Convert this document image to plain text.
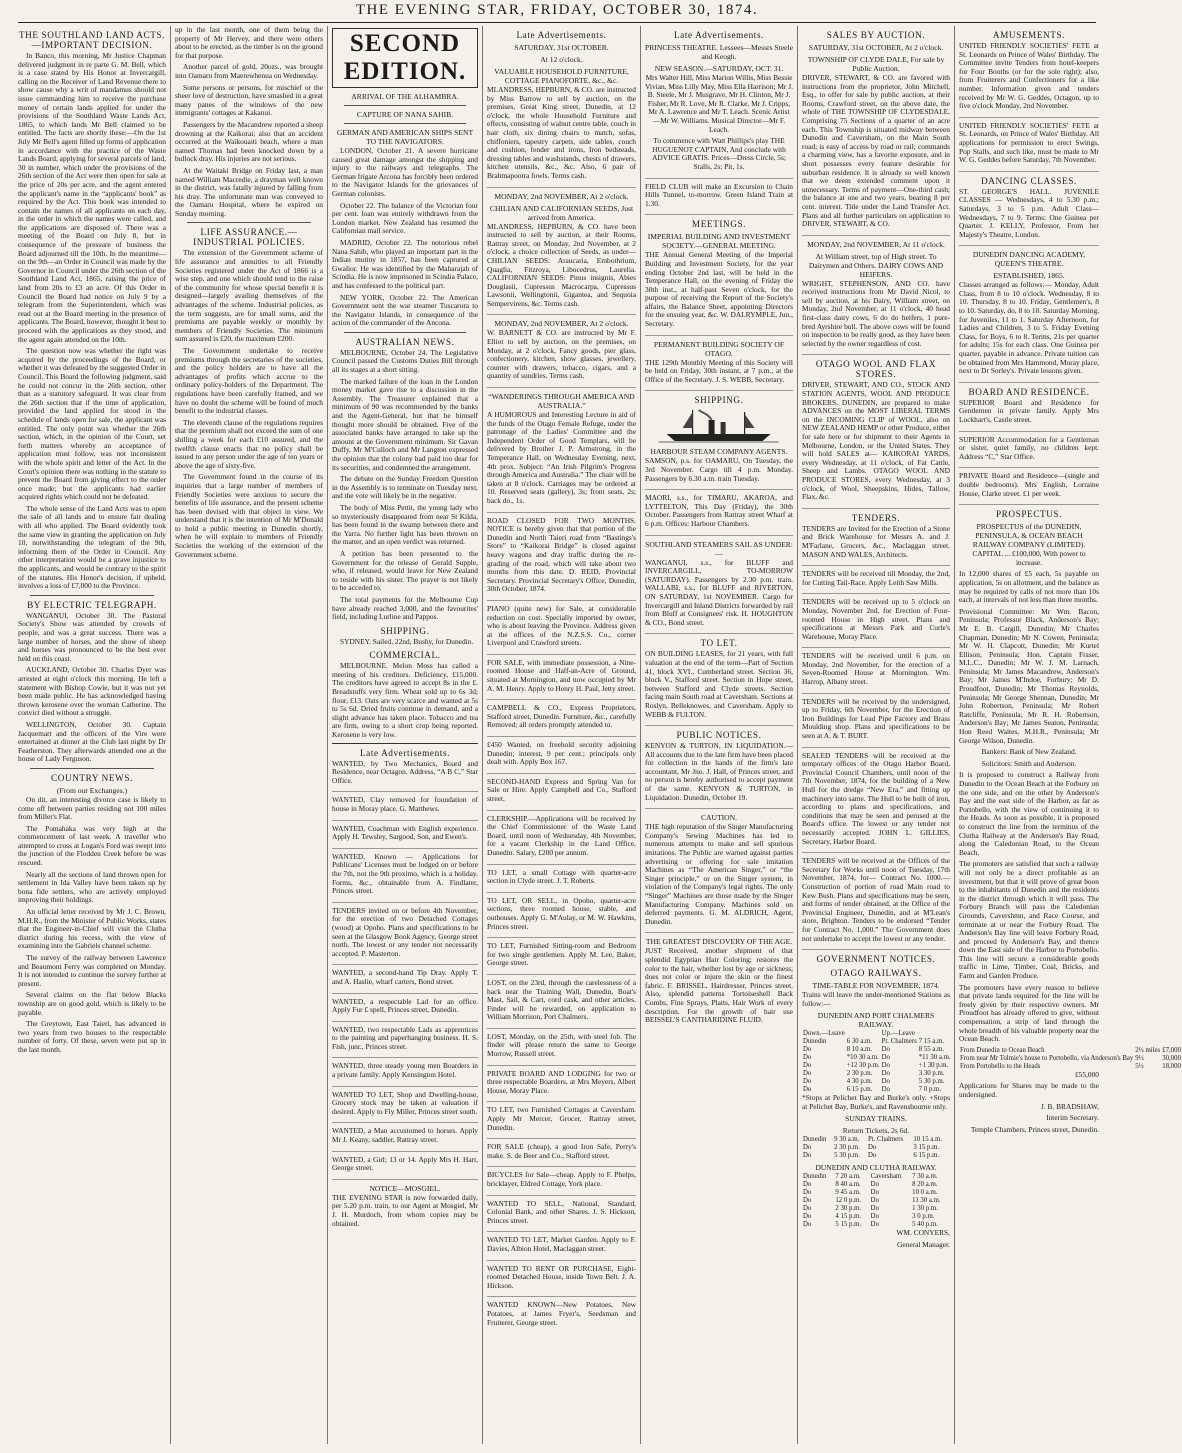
THE EVENING STAR, FRIDAY, OCTOBER 30, 1874.
THE SOUTHLAND LAND ACTS.—IMPORTANT DECISION.

In Banco, this morning, Mr Justice Chapman delivered judgment in re parte G. M. Bell, which is a case stated by His Honor at Invercargill, calling on the Receiver of Land Revenue there to show cause why a writ of mandamus should not issue commanding him to receive the purchase money of certain lands applied for under the provisions of the Southland Waste Lands Act, 1865, to which lands Mr Bell claimed to be entitled. The facts are shortly these:—On the 1st July Mr Bell's agent filled up forms of application in accordance with the practice of the Waste Lands Board, applying for several parcels of land, 30 in number, which under the provisions of the 26th section of the Act were then open for sale at the price of 20s per acre, and the agent entered the applicant's name in the “applicants' book” as required by the Act. This book was intended to contain the names of all applicants on each day, in the order in which the names were called, and the applications are disposed of. There was a meeting of the Board on July 8, but in consequence of the pressure of business the Board adjourned till the 10th. In the meantime—on the 9th—an Order in Council was made by the Governor in Council under the 26th section of the Southland Land Act, 1865, raising the price of land from 20s to £3 an acre. Of this Order in Council the Board had notice on July 9 by a telegram from the Superintendent, which was read out at the Board meeting in the presence of applicants. The Board, however, thought it best to proceed with the applications as they stood, and the agent again attended on the 10th.

The question now was whether the right was acquired by the proceedings of the Board, or whether it was defeated by the suggested Order in Council. This Board the following judgment, said he could not concur in the 26th section, other than as a statutory safeguard. It was clear from the 26th section that if the time of application, provided the land applied for stood in the schedule of lands open for sale, the applicant was entitled. The only point was whether the 26th section, which, in the opinion of the Court, set forth matters whereby an acceptance of application must follow, was not inconsistent with the whole spirit and letter of the Act. In the Court's opinion there was nothing in the statute to prevent the Board from giving effect to the order once made; but the applicants had earlier acquired rights which could not be defeated.

The whole sense of the Land Acts was to open the sale of all lands and to ensure fair dealing with all who applied. The Board evidently took the same view in granting the application on July 10, notwithstanding the telegram of the 9th, informing them of the Order in Council. Any other interpretation would be a grave injustice to the applicants, and would be contrary to the spirit of the statutes. His Honor's decision, if upheld, involves a loss of £7,000 to the Province.

BY ELECTRIC TELEGRAPH.

WANGANUI, October 30. The Pastoral Society's Show was attended by crowds of people, and was a great success. There was a large number of horses, and the show of sheep and horses was pronounced to be the best ever held on this coast.

AUCKLAND, October 30. Charles Dyer was arrested at eight o'clock this morning. He left a statement with Bishop Cowie, but it was not yet been made public. He has acknowledged having thrown kerosene over the woman Catherine. The convict died without a struggle.

WELLINGTON, October 30. Captain Jacquemart and the officers of the Vire were entertained at dinner at the Club last night by Dr Featherston. They afterwards attended one at the house of Lady Ferguson.

COUNTRY NEWS.
(From our Exchanges.)

On dit, an interesting divorce case is likely to come off between parties residing not 100 miles from Miller's Flat.

The Pomahaka was very high at the commencement of last week. A traveller who attempted to cross at Logan's Ford was swept into the junction of the Flodden Creek before he was rescued.

Nearly all the sections of land thrown open for settlement in Ida Valley have been taken up by bona fide settlers, who are actively employed improving their holdings.

An official letter received by Mr J. C. Brown, M.H.R., from the Minister of Public Works, states that the Engineer-in-Chief will visit the Clutha district during his recess, with the view of examining into the Gabriels channel scheme.

The survey of the railway between Lawrence and Beaumont Ferry was completed on Monday. It is not intended to continue the survey further at present.

Several claims on the flat below Blacks township are on good gold, which is likely to be payable.

The Greytown, East Taieri, has advanced in two years from two houses to the respectable number of forty. Of these, seven were put up in the last month.

up in the last month, one of them being the property of Mr Hervey, and there were others about to be erected, as the timber is on the ground for that purpose.

Another parcel of gold, 20ozs., was brought into Oamaru from Maerewhenua on Wednesday.

Some persons or persons, for mischief or the sheer love of destruction, have smashed in a great many panes of the windows of the new immigrants' cottages at Kakanui.

Passengers by the Macandrew reported a sheep drowning at the Kaikorai; also that an accident occurred at the Waikouaiti beach, where a man named Thomas had been knocked down by a bullock dray. His injuries are not serious.

At the Waitaki Bridge on Friday last, a man named William Macredie, a drayman well known in the district, was fatally injured by falling from his dray. The unfortunate man was conveyed to the Oamaru Hospital, where he expired on Sunday morning.

LIFE ASSURANCE.—INDUSTRIAL POLICIES.

The extension of the Government scheme of life assurance and annuities to all Friendly Societies registered under the Act of 1866 is a wise step, and one which should tend to the raise of the community for whose special benefit it is designed—largely availing themselves of the advantages of the scheme. Industrial policies, as the term suggests, are for small sums, and the premiums are payable weekly or monthly by members of Friendly Societies. The minimum sum assured is £20, the maximum £200.

The Government undertake to receive premiums through the secretaries of the societies, and the policy holders are to have all the advantages of profits which accrue to the ordinary policy-holders of the Department. The regulations have been carefully framed, and we have no doubt the scheme will be found of much benefit to the industrial classes.

The eleventh clause of the regulations requires that the premium shall not exceed the sum of one shilling a week for each £10 assured, and the twelfth clause enacts that no policy shall be issued to any person under the age of ten years or above the age of sixty-five.

The Government found in the course of its inquiries that a large number of members of Friendly Societies were anxious to secure the benefits of life assurance, and the present scheme has been devised with that object in view. We understand that it is the intention of Mr M'Donald to hold a public meeting in Dunedin shortly, when he will explain to members of Friendly Societies the working of the extension of the Government scheme.

SECOND EDITION.
ARRIVAL OF THE ALHAMBRA.
CAPTURE OF NANA SAHIB.
GERMAN AND AMERICAN SHIPS SENT TO THE NAVIGATORS.

LONDON, October 21. A severe hurricane caused great damage amongst the shipping and injury to the railways and telegraphs. The German frigate Arcona has forcibly been ordered to the Navigator Islands for the grievances of German colonists.

October 22. The balance of the Victorian four per cent. loan was entirely withdrawn from the London market. New Zealand has resumed the Californian mail service.

MADRID, October 22. The notorious rebel Nana Sahib, who played an important part in the Indian mutiny in 1857, has been captured at Gwalior. He was identified by the Maharajah of Scindia. He is now imprisoned in Scindia Palace, and has confessed to the political part.

NEW YORK, October 22. The American Government sent the war steamer Tuscarora to the Navigator Islands, in consequence of the action of the commander of the Ancona.

AUSTRALIAN NEWS.

MELBOURNE, October 24. The Legislative Council passed the Customs Duties Bill through all its stages at a short sitting.

The marked failure of the loan in the London money market gave rise to a discussion in the Assembly. The Treasurer explained that a minimum of 90 was recommended by the banks and the Agent-General, but that he himself thought more should be obtained. Five of the associated banks have arranged to take up the amount at the Government minimum. Sir Gavan Duffy, Mr M'Culloch and Mr Langton expressed the opinion that the colony had paid too dear for its securities, and condemned the arrangement.

The debate on the Sunday Freedom Question in the Assembly is to terminate on Tuesday next, and the vote will likely be in the negative.

The body of Miss Pettit, the young lady who so mysteriously disappeared from near St Kilda, has been found in the swamp between there and the Yarra. No further light has been thrown on the matter, and an open verdict was returned.

A petition has been presented to the Government for the release of Gerald Supple, who, if released, would leave for New Zealand to reside with his sister. The prayer is not likely to be acceded to.

The total payments for the Melbourne Cup have already reached 3,000, and the favourites' field, including Lurline and Pappos.

SHIPPING.

SYDNEY. Sailed, 22nd, Bushy, for Dunedin.

COMMERCIAL.

MELBOURNE. Melon Moss has called a meeting of his creditors. Deficiency, £15,000. The creditors have agreed to accept 8s in the £. Breadstuffs very firm. Wheat sold up to 6s 3d; flour, £13. Oats are very scarce and wanted at 5s to 5s 6d. Dried fruits continue in demand, and a slight advance has taken place. Tobacco and tea are firm, owing to a short crop being reported. Kerosene is very low.

Late Advertisements.

WANTED, by Two Mechanics, Board and Residence, near Octagon. Address, “A B C,” Star Office.

WANTED, Clay removed for foundation of house in Moray place. G. Matthews.

WANTED, Coachman with English experience. Apply H. Tewsley, Sargood, Son, and Ewen's.

WANTED, Known — Applications for Publicans' Licenses must be lodged on or before the 7th, not the 9th proximo, which is a holiday. Forms, &c., obtainable from A. Findlater, Princes street.

TENDERS invited on or before 4th November, for the erection of two Detached Cottages (wood) at Opoho. Plans and specifications to be seen at the Glasgow Book Agency, George street north. The lowest or any tender not necessarily accepted. P. Masterton.

WANTED, a second-hand Tip Dray. Apply T. and A. Haslie, wharf carters, Bond street.

WANTED, a respectable Lad for an office. Apply Fur £ spell, Princes street, Dunedin.

WANTED, two respectable Lads as apprentices to the painting and paperhanging business. H. S. Fish, junr., Princes street.

WANTED, three steady young men Boarders in a private family. Apply Kensington Hotel.

WANTED TO LET, Shop and Dwelling-house, Grocery stock may be taken at valuation if desired. Apply to Fly Miller, Princes street south.

WANTED, a Man accustomed to horses. Apply Mr J. Keany, saddler, Rattray street.

WANTED, a Girl; 13 or 14. Apply Mrs H. Hart, George street.

NOTICE—MOSGIEL.

THE EVENING STAR is now forwarded daily, per 5.20 p.m. train, to our Agent at Mosgiel, Mr J. H. Murdoch, from whom copies may be obtained.

Late Advertisements.
SATURDAY, 31st OCTOBER.
At 12 o'clock.
VALUABLE HOUSEHOLD FURNITURE, COTTAGE PIANOFORTE, &c., &c.

MLANDRESS, HEPBURN, & CO. are instructed by Miss Barrow to sell by auction, on the premises, Great King street, Dunedin, at 12 o'clock, the whole Household Furniture and effects, consisting of walnut centre table, couch in hair cloth, six dining chairs to match, sofas, chiffoniers, tapestry carpets, side tables, couch and cushion, fender and irons, Iron bedsteads, dressing tables and washstands, chests of drawers, kitchen utensils, &c., &c. Also, 6 pair of Brahmapootra fowls. Terms cash.

MONDAY, 2nd NOVEMBER, At 2 o'clock.
CHILIAN AND CALIFORNIAN SEEDS, Just arrived from America.

MLANDRESS, HEPBURN, & CO. have been instructed to sell by auction, at their Rooms, Rattray street, on Monday, 2nd November, at 2 o'clock, a choice collection of Seeds, as under— CHILIAN SEEDS: Araucaria, Embothrium, Quaglia, Fitzroya, Libocedrus, Laurelia. CALIFORNIAN SEEDS: Pinus insignis, Abies Douglasii, Cupressus Macrocarpa, Cupressus Lawsonii, Wellingtonii, Gigantea, and Sequoia Sempervirens, &c. Terms cash.

MONDAY, 2nd NOVEMBER, At 2 o'clock.

W. BARNETT & CO. are instructed by Mr F. Elliot to sell by auction, on the premises, on Monday, at 2 o'clock, Fancy goods, pier glass, confectionery, kitchen, show glasses, jewellery, counter with drawers, tobacco, cigars, and a quantity of sundries. Terms cash.

“WANDERINGS THROUGH AMERICA AND AUSTRALIA.”

A HUMOROUS and Interesting Lecture in aid of the funds of the Otago Female Refuge, under the patronage of the Ladies' Committee and the Independent Order of Good Templars, will be delivered by Brother J. P. Armstrong, in the Temperance Hall, on Wednesday Evening, next, 4th prox. Subject: “An Irish Pilgrim's Progress through America and Australia.” The chair will be taken at 8 o'clock. Carriages may be ordered at 10. Reserved seats (gallery), 3s; front seats, 2s; back do., 1s.

ROAD CLOSED FOR TWO MONTHS. NOTICE is hereby given that that portion of the Dunedin and North Taieri road from “Bastings's Store” to “Kaikorai Bridge” is closed against heavy wagons and dray traffic during the re-grading of the road, which will take about two months from this date. D. REID, Provincial Secretary. Provincial Secretary's Office, Dunedin, 30th October, 1874.

PIANO (quite new) for Sale, at considerable reduction on cost. Specially imported by owner, who is about leaving the Province. Address given at the offices of the N.Z.S.S. Co., corner Liverpool and Crawford streets.

FOR SALE, with immediate possession, a Nine-roomed House and Half-an-Acre of Ground, situated at Mornington, and now occupied by Mr A. M. Henry. Apply to Henry H. Paul, Jetty street.

CAMPBELL & CO., Express Proprietors, Stafford street, Dunedin. Furniture, &c., carefully Removed; all orders promptly attended to.

£450 Wanted, on freehold security adjoining Dunedin; interest, 9 per cent.; principals only dealt with. Apply Box 167.

SECOND-HAND Express and Spring Van for Sale or Hire. Apply Campbell and Co., Stafford street.

CLERKSHIP.—Applications will be received by the Chief Commissioner of the Waste Land Board, until noon of Wednesday, 4th November, for a vacant Clerkship in the Land Office, Dunedin. Salary, £200 per annum.

TO LET, a small Cottage with quarter-acre section in Clyde street. J. T. Roberts.

TO LET, OR SELL, in Opoho, quarter-acre sections, three roomed house, stable, and outhouses. Apply G. M'Aulay, or M. W. Hawkins, Princes street.

TO LET, Furnished Sitting-room and Bedroom for two single gentlemen. Apply M. Lee, Baker, George street.

LOST, on the 23rd, through the carelessness of a hack near the Training Wall, Dunedin, Boat's Mast, Sail, & Cart, cord cask, and other articles. Finder will be rewarded, on application to William Morrison, Port Chalmers.

LOST, Monday, on the 25th, with steel fob. The finder will please return the same to George Morrow, Russell street.

PRIVATE BOARD AND LODGING for two or three respectable Boarders, at Mrs Meyers, Albert House, Moray Place.

TO LET, two Furnished Cottages at Caversham. Apply Mr Mercer, Grocer, Rattray street, Dunedin.

FOR SALE (cheap), a good Iron Safe, Perry's make. S. de Beer and Co., Stafford street.

BICYCLES for Sale—cheap. Apply to F. Phelps, bricklayer, Eldred Cottage, York place.

WANTED TO SELL, National, Standard, Colonial Bank, and other Shares. J. S. Hickson, Princes street.

WANTED TO LET, Market Garden. Apply to F. Davies, Albion Hotel, Maclaggan street.

WANTED TO RENT OR PURCHASE, Eight-roomed Detached House, inside Town Belt. J. A. Hickson.

WANTED KNOWN—New Potatoes, New Potatoes, at James Fryer's, Seedsman and Fruiterer, George street.

Late Advertisements.
PRINCESS THEATRE. Lessees—Messrs Steele and Keogh.
NEW SEASON.—SATURDAY, OCT. 31.

Mrs Walter Hill, Miss Marion Willis, Miss Bessie Vivian, Miss Lilly May, Miss Ella Harrison; Mr J. B. Steele, Mr J. Musgrave, Mr H. Clinton, Mr J. Fisher, Mr R. Love, Mr R. Clarke, Mr J. Cripps, Mr A. Lawrence and Mr T. Leach. Scenic Artist—Mr W. Williams. Musical Director—Mr F. Leach.

To commence with Watt Phillips's play THE HUGUENOT CAPTAIN, And conclude with ADVICE GRATIS. Prices—Dress Circle, 5s; Stalls, 2s; Pit, 1s.

FIELD CLUB will make an Excursion to Chain Hills Tunnel, to-morrow. Green Island Train at 1.30.

MEETINGS.
IMPERIAL BUILDING AND INVESTMENT SOCIETY.—GENERAL MEETING.

THE Annual General Meeting of the Imperial Building and Investment Society, for the year ending October 2nd last, will be held in the Temperance Hall, on the evening of Friday the 30th inst., at half-past Seven o'clock, for the purpose of receiving the Report of the Society's affairs, the Balance Sheet, appointing Directors for the ensuing year, &c. W. DALRYMPLE, Jun., Secretary.

PERMANENT BUILDING SOCIETY OF OTAGO.

THE 129th Monthly Meeting of this Society will be held on Friday, 30th instant, at 7 p.m., at the Office of the Secretary. J. S. WEBB, Secretary.

SHIPPING.
HARBOUR STEAM COMPANY AGENTS.

SAMSON, p.s. for OAMARU, On Tuesday, the 3rd November. Cargo till 4 p.m. Monday. Passengers by 6.30 a.m. train Tuesday.

MAORI, s.s., for TIMARU, AKAROA, and LYTTELTON, This Day (Friday), the 30th October. Passengers from Rattray street Wharf at 6 p.m. Offices: Harbour Chambers.

SOUTHLAND STEAMERS SAIL AS UNDER:—

WANGANUI, s.s., for BLUFF and INVERCARGILL, TO-MORROW (SATURDAY). Passengers by 2.30 p.m. train. WALLABI, s.s., for BLUFF and RIVERTON, ON SATURDAY, 1st NOVEMBER. Cargo for Invercargill and Inland Districts forwarded by rail from Bluff at Consignees' risk. H. HOUGHTON & CO., Bond street.

TO LET.

ON BUILDING LEASES, for 21 years, with full valuation at the end of the term—Part of Section 41, block XVI., Cumberland street. Section 36, block V., Stafford street. Section in Hope street, between Stafford and Clyde streets. Section facing main South road at Caversham. Sections at Roslyn, Belleknowes, and Caversham. Apply to WEBB & FULTON.

PUBLIC NOTICES.

KENYON & TURTON, IN LIQUIDATION.—All accounts due to the late firm have been placed for collection in the hands of the firm's late accountant, Mr Jno. J. Hall, of Princes street, and no person is hereby authorised to accept payment of the same. KENYON & TURTON, in Liquidation. Dunedin, October 19.

CAUTION.

THE high reputation of the Singer Manufacturing Company's Sewing Machines has led to numerous attempts to make and sell spurious imitations. The Public are warned against parties advertising or offering for sale imitation Machines as “The American Singer,” or “the Singer principle,” or on the Singer system, in violation of the Company's legal rights. The only “Singer” Machines are those made by the Singer Manufacturing Company. Machines sold on deferred payments. G. M. ALDRICH, Agent, Dunedin.

THE GREATEST DISCOVERY OF THE AGE.

JUST Received, another shipment of that splendid Egyptian Hair Coloring; restores the color to the hair, whether lost by age or sickness; does not color or injure the skin or the finest fabric. F. BRISSEL, Hairdresser, Princes street. Also, splendid patterns Tortoiseshell Back Combs, Fine Sprays, Plaits, Hair Work of every description. For the growth of hair use BEISSEL'S CANTHARIDINE FLUID.

SALES BY AUCTION.
SATURDAY, 31st OCTOBER, At 2 o'clock.
TOWNSHIP OF CLYDE DALE, For sale by Public Auction.

DRIVER, STEWART, & CO. are favored with instructions from the proprietor, John Mitchell, Esq., to offer for sale by public auction, at their Rooms, Crawford street, on the above date, the whole of THE TOWNSHIP OF CLYDESDALE, Comprising 75 Sections of a quarter of an acre each. This Township is situated midway between Dunedin and Caversham, on the Main South road; is easy of access by road or rail; commands a charming view, has a favorite exposure, and in short possesses every feature desirable for suburban residence. It is already so well known that we deem extended comment upon it unnecessary. Terms of payment—One-third cash; the balance at one and two years, bearing 8 per cent. interest. Title under the Land Transfer Act. Plans and all further particulars on application to DRIVER, STEWART, & CO.

MONDAY, 2nd NOVEMBER, At 11 o'clock.
At William street, top of High street. To Dairymen and Others. DAIRY COWS AND HEIFERS.

WRIGHT, STEPHENSON, AND CO. have received instructions from Mr David Nicol, to sell by auction, at his Dairy, William street, on Monday, 2nd November, at 11 o'clock, 40 head first-class dairy cows, 6 do do heifers, 1 pure-bred Ayrshire bull. The above cows will be found on inspection to be really good, as they have been selected by the owner regardless of cost.

OTAGO WOOL AND FLAX STORES.

DRIVER, STEWART, AND CO., STOCK AND STATION AGENTS, WOOL AND PRODUCE BROKERS, DUNEDIN, are prepared to make ADVANCES on the MOST LIBERAL TERMS on the INCOMING CLIP of WOOL, also on NEW ZEALAND HEMP or other Produce, either for sale here or for shipment to their Agents in Melbourne, London, or the United States. They will hold SALES at— KAIKORAI YARDS, every Wednesday, at 11 o'clock, of Fat Cattle, Sheep and Lambs. OTAGO WOOL AND PRODUCE STORES, every Wednesday, at 3 o'clock, of Wool, Sheepskins, Hides, Tallow, Flax, &c.

TENDERS.

TENDERS are Invited for the Erection of a Stone and Brick Warehouse for Messrs A. and J. M'Farlane, Grocers, &c., Maclaggan street. MASON AND WALES, Architects.

TENDERS will be received till Monday, the 2nd, for Cutting Tail-Race. Apply Leith Saw Mills.

TENDERS will be received up to 5 o'clock on Monday, November 2nd, for Erection of Four-roomed House in High street. Plans and specifications at Messrs Park and Curle's Warehouse, Moray Place.

TENDERS will be received until 6 p.m. on Monday, 2nd November, for the erection of a Seven-Roomed House at Mornington. Wm. Harrop, Albany street.

TENDERS will be received by the undersigned, up to Friday, 6th November, for the Erection of Iron Buildings for Lead Pipe Factory and Brass Moulding shop. Plans and specifications to be seen at A. & T. BURT.

SEALED TENDERS will be received at the temporary offices of the Otago Harbor Board, Provincial Council Chambers, until noon of the 7th November, 1874, for the building of a New Hull for the dredge “New Era,” and fitting up machinery into same. The Hull to be built of iron, according to plans and specifications, and conditions that may be seen and perused at the Board's office. The lowest or any tender not necessarily accepted. JOHN L. GILLIES, Secretary, Harbor Board.

TENDERS will be received at the Offices of the Secretary for Works until noon of Tuesday, 17th November, 1874, for— Contract No. 1000.—Construction of portion of road Main road to Kew Bush. Plans and specifications may be seen, and forms of tender obtained, at the Office of the Provincial Engineer, Dunedin, and at M'Lean's store, Brighton. Tenders to be endorsed “Tender for Contract No. 1,000.” The Government does not undertake to accept the lowest or any tender.

GOVERNMENT NOTICES.
OTAGO RAILWAYS.
TIME-TABLE FOR NOVEMBER, 1874.

Trains will leave the under-mentioned Stations as follow:—

DUNEDIN AND PORT CHALMERS RAILWAY.
Down.—Leave		Up.—Leave	
Dunedin	6 30 a.m.	Pt. Chalmers	7 15 a.m.
Do	8 10 a.m.	Do	8 55 a.m.
Do	*10 30 a.m.	Do	*11 30 a.m.
Do	+12 30 p.m.	Do	+1 30 p.m.
Do	2 30 p.m.	Do	3 30 p.m.
Do	4 30 p.m.	Do	5 30 p.m.
Do	6 15 p.m.	Do	7 0 p.m.

*Stops at Pelichet Bay and Burke's only. +Stops at Pelichet Bay, Burke's, and Ravensbourne only.

SUNDAY TRAINS.
Return Tickets, 2s 6d.
Dunedin	9 30 a.m.	Pt. Chalmers	10 15 a.m.
Do	2 30 p.m.	Do	3 15 p.m.
Do	5 30 p.m.	Do	6 15 p.m.
DUNEDIN AND CLUTHA RAILWAY.
Dunedin	7 20 a.m.	Caversham	7 30 a.m.
Do	8 40 a.m.	Do	8 20 a.m.
Do	9 45 a.m.	Do	10 0 a.m.
Do	12 0 p.m.	Do	11 30 a.m.
Do	2 30 p.m.	Do	1 30 p.m.
Do	4 15 p.m.	Do	3 0 p.m.
Do	5 15 p.m.	Do	5 40 p.m.

WM. CONYERS,

General Manager.

AMUSEMENTS.

UNITED FRIENDLY SOCIETIES' FETE at St. Leonards on Prince of Wales' Birthday. The Committee invite Tenders from hotel-keepers for Four Booths (or for the sole right); also, from Fruiterers and Confectioners for a like number. Information given and tenders received by Mr W. G. Geddes, Octagon, up to five o'clock Monday, 2nd November.

UNITED FRIENDLY SOCIETIES' FETE at St. Leonards, on Prince of Wales' Birthday. All applications for permission to erect Swings, Pop Stalls, and such like, must be made to Mr W. G. Geddes before Saturday, 7th November.

DANCING CLASSES.

ST. GEORGE'S HALL. JUVENILE CLASSES — Wednesdays, 4 to 5.30 p.m.; Saturdays, 3 to 5 p.m. Adult Class—Wednesdays, 7 to 9. Terms: One Guinea per Quarter. J. KELLY, Professor, From her Majesty's Theatre, London.

DUNEDIN DANCING ACADEMY, QUEEN'S THEATRE.
ESTABLISHED, 1865.

Classes arranged as follows:— Monday, Adult Class, from 8 to 10 o'clock. Wednesday, 8 to 10. Thursday, 8 to 10. Friday, Gentlemen's, 8 to 10. Saturday, do, 8 to 10. Saturday Morning, for Juveniles, 11 to 1. Saturday Afternoon, for Ladies and Children, 3 to 5. Friday Evening Class, for Boys, 6 to 8. Terms, 21s per quarter for adults; 15s for each class. One Guinea per quarter, payable in advance. Private tuition can be obtained from Mrs Hammond, Moray place, next to Dr Sorley's. Private lessons given.

BOARD AND RESIDENCE.

SUPERIOR Board and Residence for Gentlemen in private family. Apply Mrs Lockhart's, Castle street.

SUPERIOR Accommodation for a Gentleman or sister, quiet family, no children kept. Address “C,” Star Office.

PRIVATE Board and Residence—(single and double bedrooms). Mrs English, Lorraine House, Clarke street. £1 per week.

PROSPECTUS.
PROSPECTUS of the DUNEDIN, PENINSULA, & OCEAN BEACH RAILWAY COMPANY (LIMITED).

CAPITAL ... £100,000, With power to increase.

In 12,000 shares of £5 each, 5s payable on application, 5s on allotment, and the balance as may be required by calls of not more than 10s each, at intervals of not less than three months.

Provisional Committee: Mr Wm. Bacon, Peninsula; Professor Black, Anderson's Bay; Mr E. B. Cargill, Dunedin; Mr Charles Chapman, Dunedin; Mr N. Cowen, Peninsula; Mr W. H. Clapcott, Dunedin; Mr Kurtel Ellison, Peninsula; Hon. Captain Fraser, M.L.C., Dunedin; Mr W. J. M. Larnach, Peninsula; Mr James Macandrew, Anderson's Bay; Mr James M'Indoe, Forbury; Mr D. Proudfoot, Dunedin; Mr Thomas Reynolds, Peninsula; Mr George Shennan, Dunedin; Mr John Robertson, Peninsula; Mr Robert Ratcliffe, Peninsula; Mr R. H. Robertson, Anderson's Bay; Mr James Seaton, Peninsula; Hon Reed Waites, M.H.R., Peninsula; Mr George Wilson, Dunedin.

Bankers: Bank of New Zealand.

Solicitors: Smith and Anderson.

It is proposed to construct a Railway from Dunedin to the Ocean Beach at the Forbury on the one side, and on the other by Anderson's Bay and the east side of the Harbor, as far as Portobello, with the view of continuing it to the Heads. As soon as possible, it is proposed to construct the line from the terminus of the Clutha Railway at the Anderson's Bay Road, along the Caledonian Road, to the Ocean Beach.

The promoters are satisfied that such a railway will not only be a direct profitable as an investment, but that it will prove of great boon to the inhabitants of Dunedin and the residents in the district through which it will pass. The Forbury Branch will pass the Caledonian Grounds, Cavershmn, and Race Course, and terminate at or near the Forbury Road. The Anderson's Bay line will leave Forbury Road, and proceed by Anderson's Bay, and thence down the East side of the Harbor to Portobello. This line will secure a considerable goods traffic in Lime, Timber, Coal, Bricks, and Farm and Garden Produce.

The promoters have every reason to believe that private lands required for the line will be freely given by their respective owners. Mr Proudfoot has already offered to give, without compensation, a strip of land through the whole breadth of his valuable property near the Ocean Beach.

From Dunedin to Ocean Beach	2½ miles	£7,000
From near Mr Tolmie's house to Portobello, via Anderson's Bay	9½	30,000
From Portobello to the Heads	5½	18,000

£55,000

Applications for Shares may be made to the undersigned.

J. B. BRADSHAW,

Interim Secretary.

Temple Chambers, Princes street, Dunedin.
